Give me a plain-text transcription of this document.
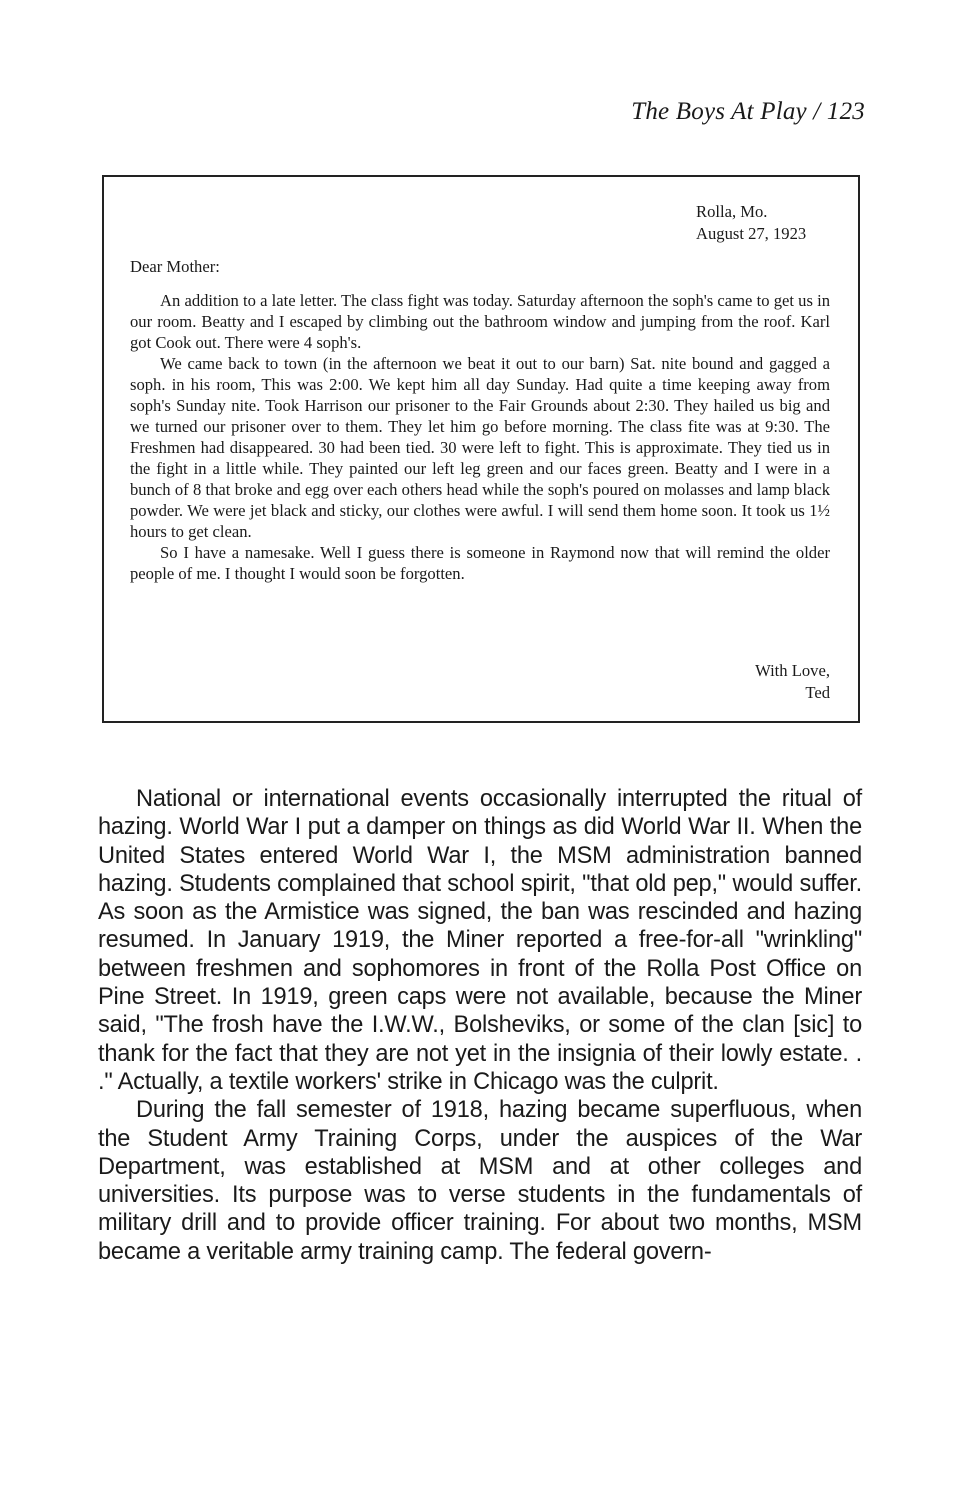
The Boys At Play / 123
Rolla, Mo.
August 27, 1923
Dear Mother:

An addition to a late letter. The class fight was today. Saturday afternoon the soph's came to get us in our room. Beatty and I escaped by climbing out the bathroom window and jumping from the roof. Karl got Cook out. There were 4 soph's.

We came back to town (in the afternoon we beat it out to our barn) Sat. nite bound and gagged a soph. in his room, This was 2:00. We kept him all day Sunday. Had quite a time keeping away from soph's Sunday nite. Took Harrison our prisoner to the Fair Grounds about 2:30. They hailed us big and we turned our prisoner over to them. They let him go before morning. The class fite was at 9:30. The Freshmen had disappeared. 30 had been tied. 30 were left to fight. This is approximate. They tied us in the fight in a little while. They painted our left leg green and our faces green. Beatty and I were in a bunch of 8 that broke and egg over each others head while the soph's poured on molasses and lamp black powder. We were jet black and sticky, our clothes were awful. I will send them home soon. It took us 1½ hours to get clean.

So I have a namesake. Well I guess there is someone in Raymond now that will remind the older people of me. I thought I would soon be forgotten.

With Love,
Ted

National or international events occasionally interrupted the ritual of hazing. World War I put a damper on things as did World War II. When the United States entered World War I, the MSM administration banned hazing. Students complained that school spirit, "that old pep," would suffer. As soon as the Armistice was signed, the ban was rescinded and hazing resumed. In January 1919, the Miner reported a free-for-all "wrinkling" between freshmen and sophomores in front of the Rolla Post Office on Pine Street. In 1919, green caps were not available, because the Miner said, "The frosh have the I.W.W., Bolsheviks, or some of the clan [sic] to thank for the fact that they are not yet in the insignia of their lowly estate. . ." Actually, a textile workers' strike in Chicago was the culprit.

During the fall semester of 1918, hazing became superfluous, when the Student Army Training Corps, under the auspices of the War Department, was established at MSM and at other colleges and universities. Its purpose was to verse students in the fundamentals of military drill and to provide officer training. For about two months, MSM became a veritable army training camp. The federal govern-
